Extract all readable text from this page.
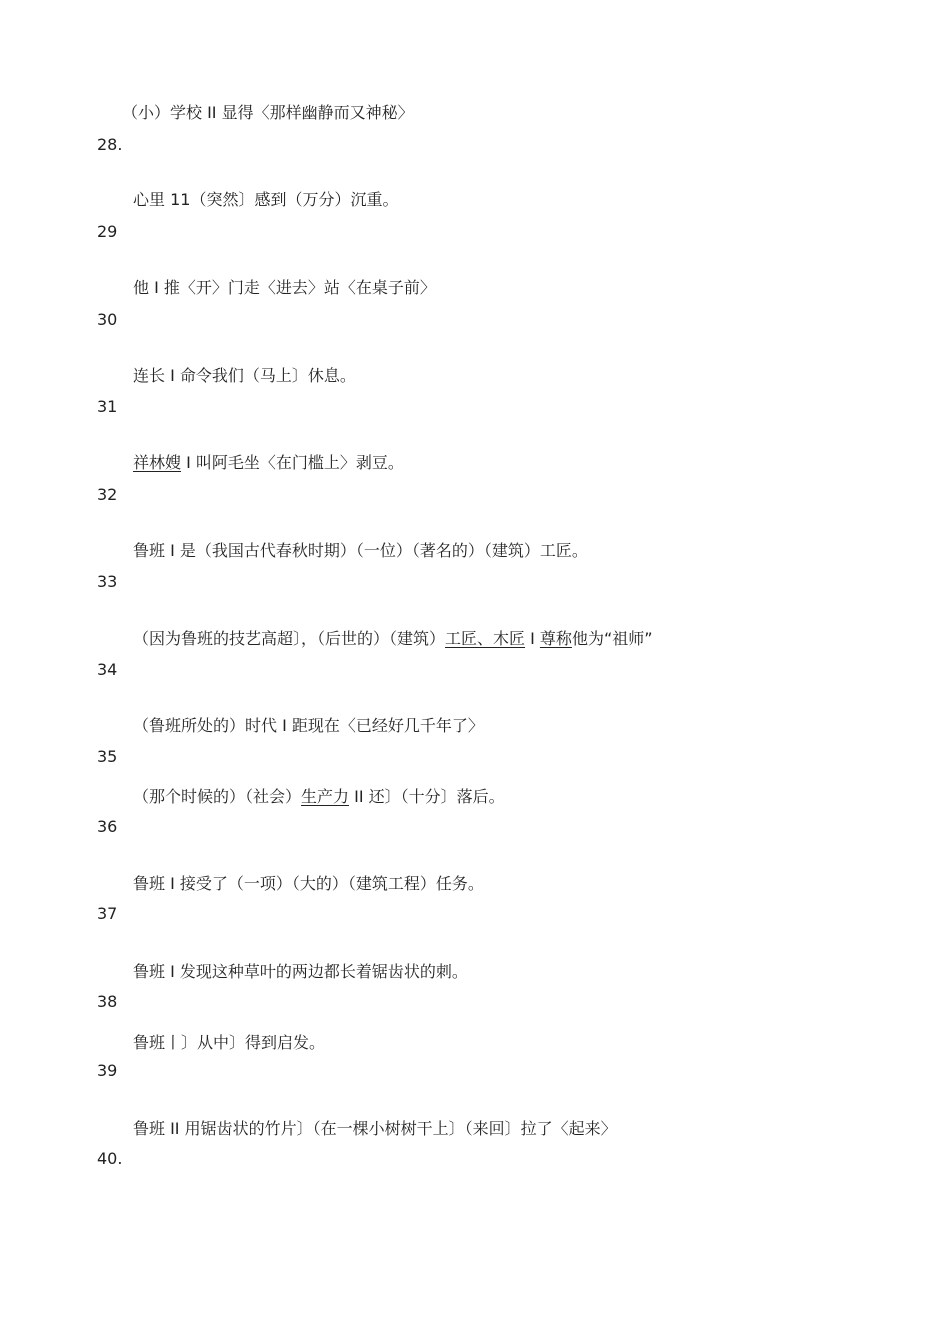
（小）学校 II 显得〈那样幽静而又神秘〉
28.
心里 11（突然〕感到（万分）沉重。
29
他 I 推〈开〉门走〈进去〉站〈在桌子前〉
30
连长 I 命令我们（马上〕休息。
31
祥林嫂 I 叫阿毛坐〈在门槛上〉剥豆。
32
鲁班 I 是（我国古代春秋时期）（一位）（著名的）（建筑）工匠。
33
（因为鲁班的技艺高超〕，（后世的）（建筑）工匠、木匠 I 尊称他为“祖师”
34
（鲁班所处的）时代 I 距现在〈已经好几千年了〉
35
（那个时候的）（社会）生产力 II 还〕（十分〕落后。
36
鲁班 I 接受了（一项）（大的）（建筑工程）任务。
37
鲁班 I 发现这种草叶的两边都长着锯齿状的刺。
38
鲁班丨〕从中〕得到启发。
39
鲁班 II 用锯齿状的竹片〕（在一棵小树树干上〕（来回〕拉了〈起来〉
40.
